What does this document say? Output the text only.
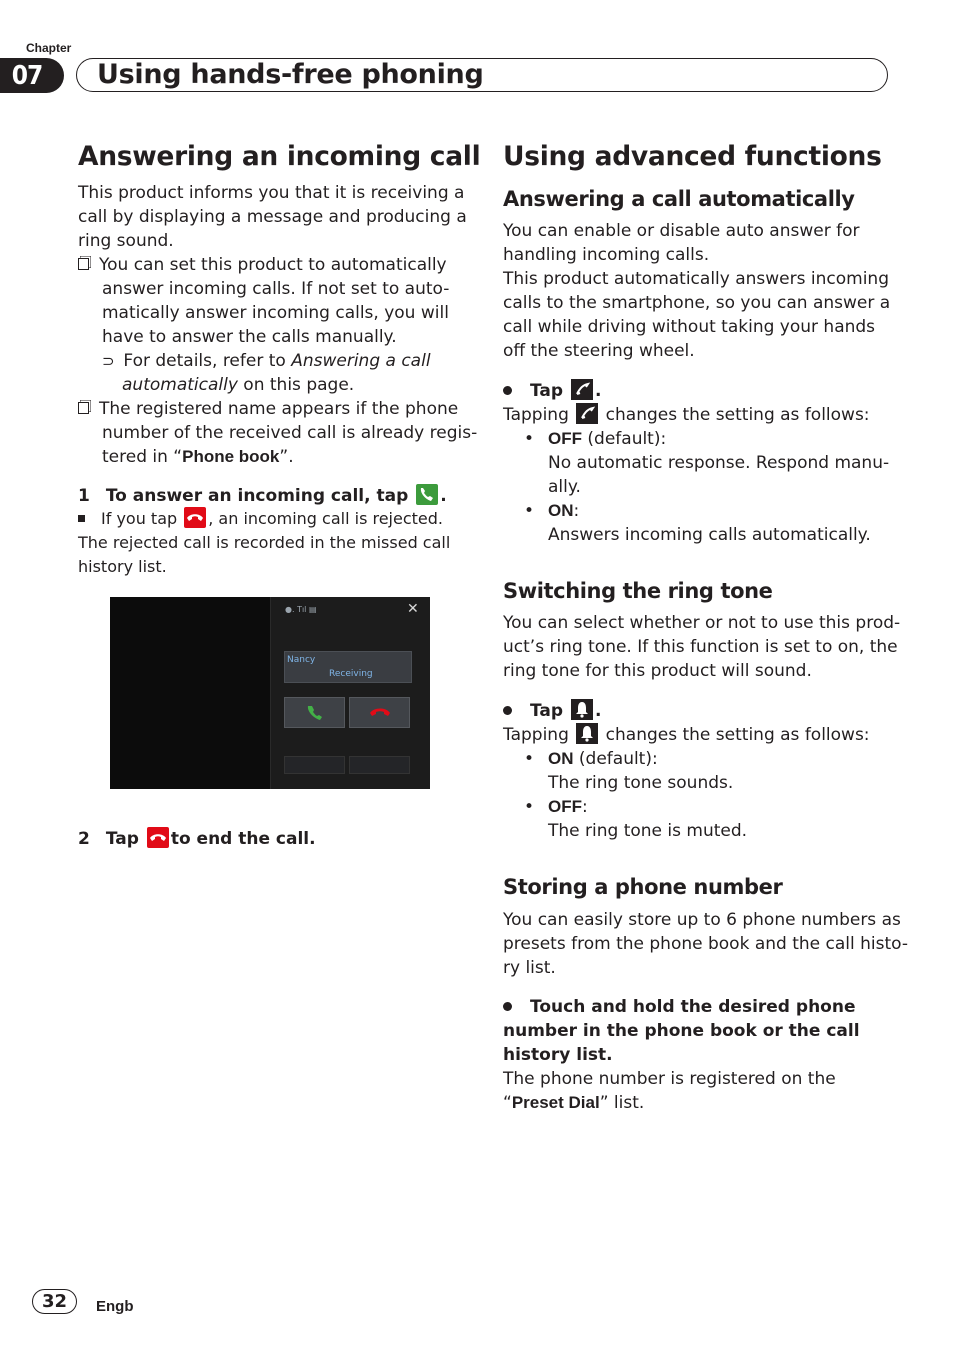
Chapter
07	Using hands-free phoning
Answering an incoming call
This product informs you that it is receiving a
call by displaying a message and producing a
ring sound.
You can set this product to automatically
answer incoming calls. If not set to auto-
matically answer incoming calls, you will
have to answer the calls manually.
⊃ For details, refer to Answering a call
automatically on this page.
The registered name appears if the phone
number of the received call is already regis-
tered in “Phone book”.
1 To answer an incoming call, tap .
If you tap , an incoming call is rejected.
The rejected call is recorded in the missed call
history list.
●. Tıl ▤	✕
Nancy
Receiving
2 Tap to end the call.
Using advanced functions
Answering a call automatically
You can enable or disable auto answer for
handling incoming calls.
This product automatically answers incoming
calls to the smartphone, so you can answer a
call while driving without taking your hands
off the steering wheel.
Tap .
Tapping changes the setting as follows:
• OFF (default):
No automatic response. Respond manu-
ally.
• ON:
Answers incoming calls automatically.
Switching the ring tone
You can select whether or not to use this prod-
uct’s ring tone. If this function is set to on, the
ring tone for this product will sound.
Tap .
Tapping changes the setting as follows:
• ON (default):
The ring tone sounds.
• OFF:
The ring tone is muted.
Storing a phone number
You can easily store up to 6 phone numbers as
presets from the phone book and the call histo-
ry list.
Touch and hold the desired phone
number in the phone book or the call
history list.
The phone number is registered on the
“Preset Dial” list.
32	Engb
